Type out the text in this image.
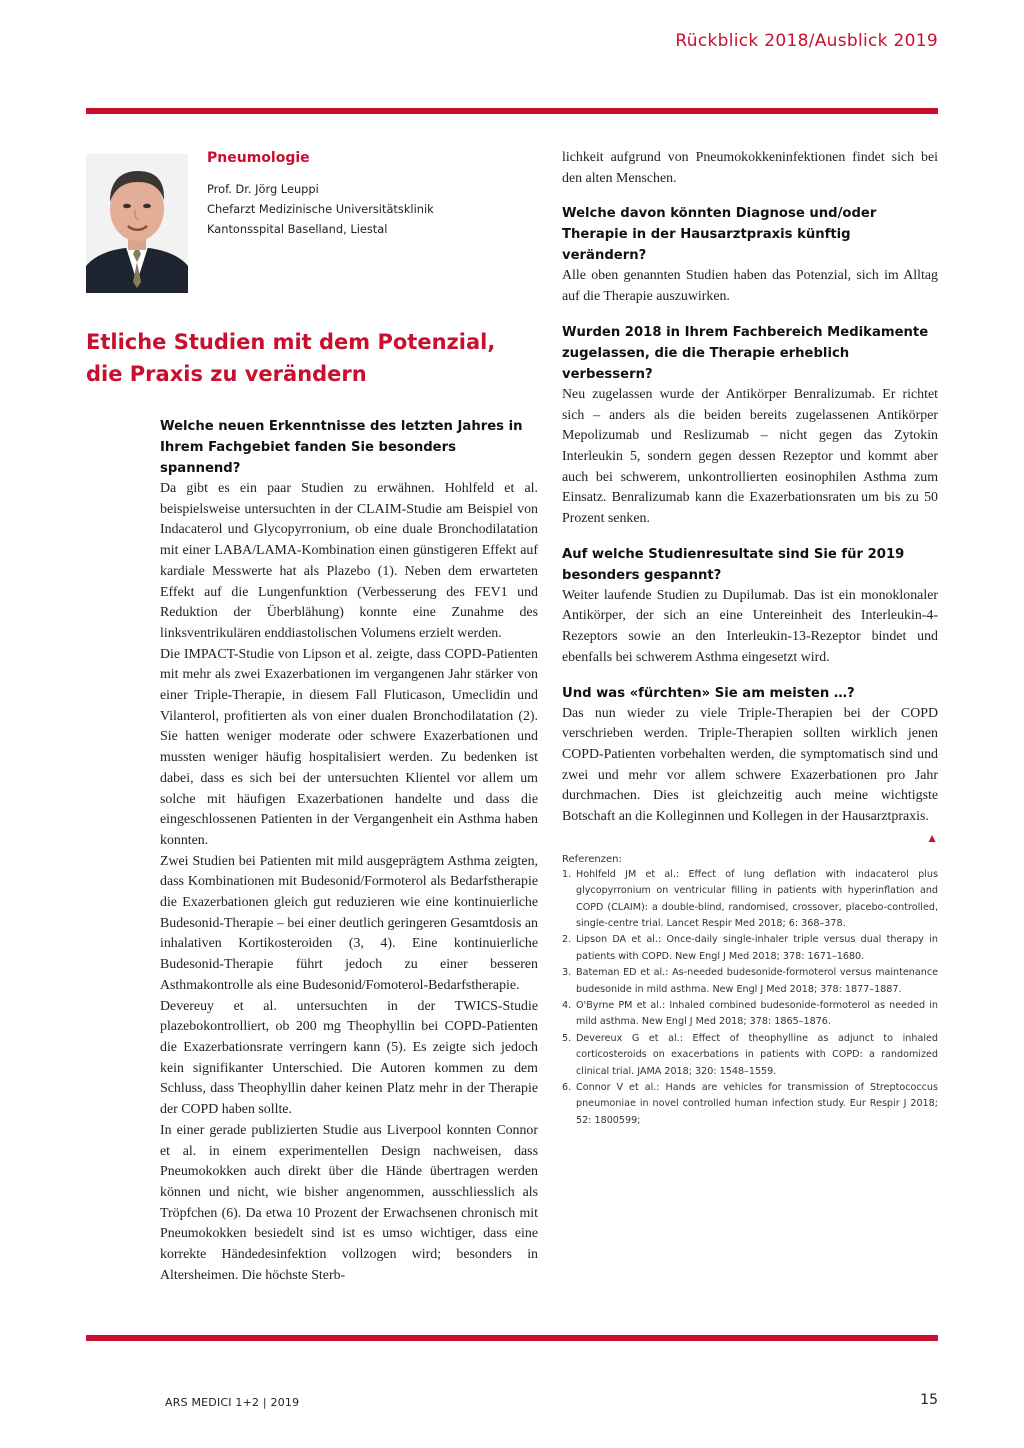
Rückblick 2018/Ausblick 2019
Pneumologie
Prof. Dr. Jörg Leuppi
Chefarzt Medizinische Universitätsklinik
Kantonsspital Baselland, Liestal
Etliche Studien mit dem Potenzial,
die Praxis zu verändern

Welche neuen Erkenntnisse des letzten Jahres in Ihrem Fachgebiet fanden Sie besonders spannend?

Da gibt es ein paar Studien zu erwähnen. Hohlfeld et al. beispielsweise untersuchten in der CLAIM-Studie am Beispiel von Indacaterol und Glycopyrronium, ob eine duale Bronchodilatation mit einer LABA/LAMA-Kombination einen günstigeren Effekt auf kardiale Messwerte hat als Plazebo (1). Neben dem erwarteten Effekt auf die Lungenfunktion (Verbesserung des FEV1 und Reduktion der Überblähung) konnte eine Zunahme des linksventrikulären enddiastolischen Volumens erzielt werden.

Die IMPACT-Studie von Lipson et al. zeigte, dass COPD-Patienten mit mehr als zwei Exazerbationen im vergangenen Jahr stärker von einer Triple-Therapie, in diesem Fall Fluticason, Umeclidin und Vilanterol, profitierten als von einer dualen Bronchodilatation (2). Sie hatten weniger moderate oder schwere Exazerbationen und mussten weniger häufig hospitalisiert werden. Zu bedenken ist dabei, dass es sich bei der untersuchten Klientel vor allem um solche mit häufigen Exazerbationen handelte und dass die eingeschlossenen Patienten in der Vergangenheit ein Asthma haben konnten.

Zwei Studien bei Patienten mit mild ausgeprägtem Asthma zeigten, dass Kombinationen mit Budesonid/Formoterol als Bedarfstherapie die Exazerbationen gleich gut reduzieren wie eine kontinuierliche Budesonid-Therapie – bei einer deutlich geringeren Gesamtdosis an inhalativen Kortikosteroiden (3, 4). Eine kontinuierliche Budesonid-Therapie führt jedoch zu einer besseren Asthmakontrolle als eine Budesonid/Fomoterol-Bedarfstherapie.

Devereuy et al. untersuchten in der TWICS-Studie plazebokontrolliert, ob 200 mg Theophyllin bei COPD-Patienten die Exazerbationsrate verringern kann (5). Es zeigte sich jedoch kein signifikanter Unterschied. Die Autoren kommen zu dem Schluss, dass Theophyllin daher keinen Platz mehr in der Therapie der COPD haben sollte.

In einer gerade publizierten Studie aus Liverpool konnten Connor et al. in einem experimentellen Design nachweisen, dass Pneumokokken auch direkt über die Hände übertragen werden können und nicht, wie bisher angenommen, ausschliesslich als Tröpfchen (6). Da etwa 10 Prozent der Erwachsenen chronisch mit Pneumokokken besiedelt sind ist es umso wichtiger, dass eine korrekte Händedesinfektion vollzogen wird; besonders in Altersheimen. Die höchste Sterb-

lichkeit aufgrund von Pneumokokkeninfektionen findet sich bei den alten Menschen.

Welche davon könnten Diagnose und/oder Therapie in der Hausarztpraxis künftig verändern?

Alle oben genannten Studien haben das Potenzial, sich im Alltag auf die Therapie auszuwirken.

Wurden 2018 in Ihrem Fachbereich Medikamente zugelassen, die die Therapie erheblich verbessern?

Neu zugelassen wurde der Antikörper Benralizumab. Er richtet sich – anders als die beiden bereits zugelassenen Antikörper Mepolizumab und Reslizumab – nicht gegen das Zytokin Interleukin 5, sondern gegen dessen Rezeptor und kommt aber auch bei schwerem, unkontrollierten eosinophilen Asthma zum Einsatz. Benralizumab kann die Exazerbationsraten um bis zu 50 Prozent senken.

Auf welche Studienresultate sind Sie für 2019 besonders gespannt?

Weiter laufende Studien zu Dupilumab. Das ist ein monoklonaler Antikörper, der sich an eine Untereinheit des Interleukin-4-Rezeptors sowie an den Interleukin-13-Rezeptor bindet und ebenfalls bei schwerem Asthma eingesetzt wird.

Und was «fürchten» Sie am meisten …?

Das nun wieder zu viele Triple-Therapien bei der COPD verschrieben werden. Triple-Therapien sollten wirklich jenen COPD-Patienten vorbehalten werden, die symptomatisch sind und zwei und mehr vor allem schwere Exazerbationen pro Jahr durchmachen. Dies ist gleichzeitig auch meine wichtigste Botschaft an die Kolleginnen und Kollegen in der Hausarztpraxis.
▲

Referenzen:
1. Hohlfeld JM et al.: Effect of lung deflation with indacaterol plus glycopyrronium on ventricular filling in patients with hyperinflation and COPD (CLAIM): a double-blind, randomised, crossover, placebo-controlled, single-centre trial. Lancet Respir Med 2018; 6: 368–378.
2. Lipson DA et al.: Once-daily single-inhaler triple versus dual therapy in patients with COPD. New Engl J Med 2018; 378: 1671–1680.
3. Bateman ED et al.: As-needed budesonide-formoterol versus maintenance budesonide in mild asthma. New Engl J Med 2018; 378: 1877–1887.
4. O'Byrne PM et al.: Inhaled combined budesonide-formoterol as needed in mild asthma. New Engl J Med 2018; 378: 1865–1876.
5. Devereux G et al.: Effect of theophylline as adjunct to inhaled corticosteroids on exacerbations in patients with COPD: a randomized clinical trial. JAMA 2018; 320: 1548–1559.
6. Connor V et al.: Hands are vehicles for transmission of Streptococcus pneumoniae in novel controlled human infection study. Eur Respir J 2018; 52: 1800599;
ARS MEDICI 1+2 | 2019	15
